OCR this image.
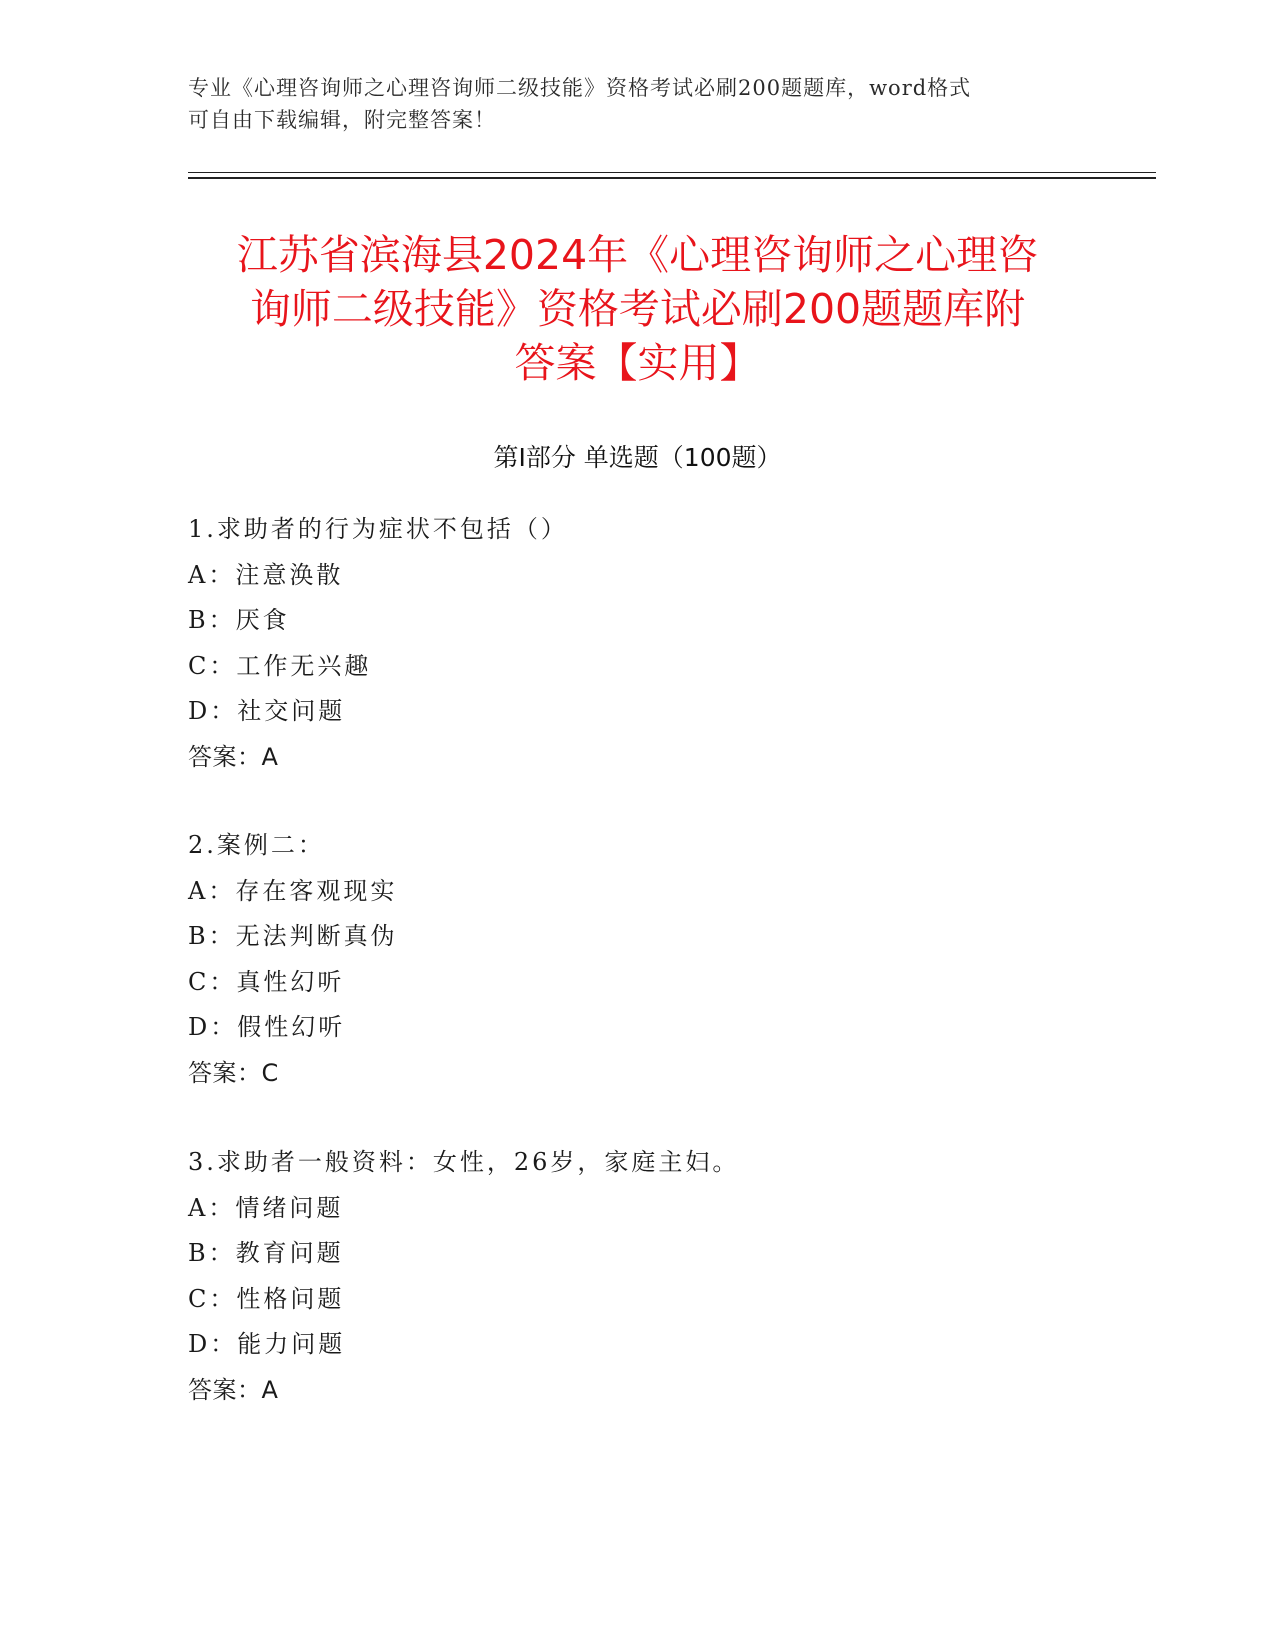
专业《心理咨询师之心理咨询师二级技能》资格考试必刷200题题库，word格式
可自由下载编辑，附完整答案！
江苏省滨海县2024年《心理咨询师之心理咨
询师二级技能》资格考试必刷200题题库附
答案【实用】
第Ⅰ部分 单选题（100题）
1.求助者的行为症状不包括（）
A：注意涣散
B：厌食
C：工作无兴趣
D：社交问题
答案：A
2.案例二：
A：存在客观现实
B：无法判断真伪
C：真性幻听
D：假性幻听
答案：C
3.求助者一般资料：女性，26岁，家庭主妇。
A：情绪问题
B：教育问题
C：性格问题
D：能力问题
答案：A
